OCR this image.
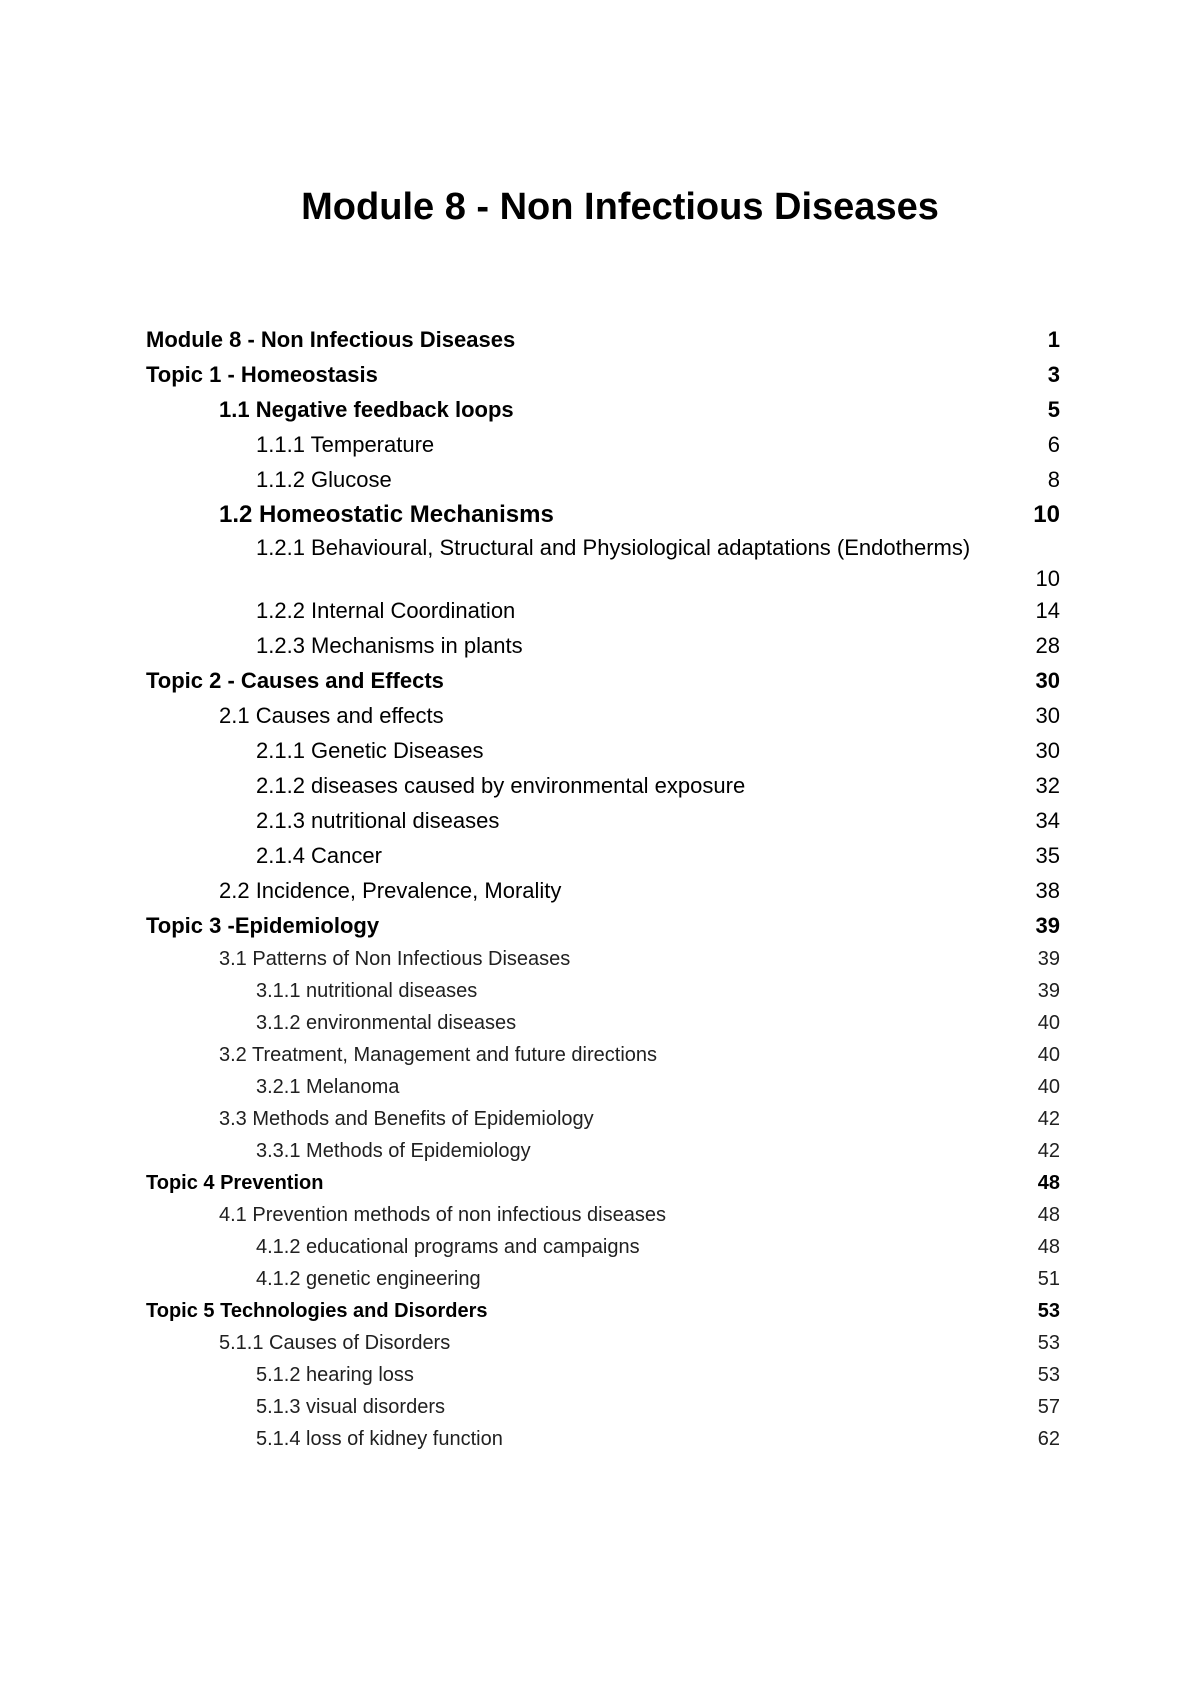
Module 8 - Non Infectious Diseases
Module 8 - Non Infectious Diseases	1
Topic 1 - Homeostasis	3
1.1 Negative feedback loops	5
1.1.1 Temperature	6
1.1.2 Glucose	8
1.2 Homeostatic Mechanisms	10
1.2.1 Behavioural, Structural and Physiological adaptations (Endotherms)
10
1.2.2 Internal Coordination	14
1.2.3 Mechanisms in plants	28
Topic 2 - Causes and Effects	30
2.1 Causes and effects	30
2.1.1 Genetic Diseases	30
2.1.2 diseases caused by environmental exposure	32
2.1.3 nutritional diseases	34
2.1.4 Cancer	35
2.2 Incidence, Prevalence, Morality	38
Topic 3 -Epidemiology	39
3.1 Patterns of Non Infectious Diseases	39
3.1.1 nutritional diseases	39
3.1.2 environmental diseases	40
3.2 Treatment, Management and future directions	40
3.2.1 Melanoma	40
3.3 Methods and Benefits of Epidemiology	42
3.3.1 Methods of Epidemiology	42
Topic 4 Prevention	48
4.1 Prevention methods of non infectious diseases	48
4.1.2 educational programs and campaigns	48
4.1.2 genetic engineering	51
Topic 5 Technologies and Disorders	53
5.1.1 Causes of Disorders	53
5.1.2 hearing loss	53
5.1.3 visual disorders	57
5.1.4 loss of kidney function	62
